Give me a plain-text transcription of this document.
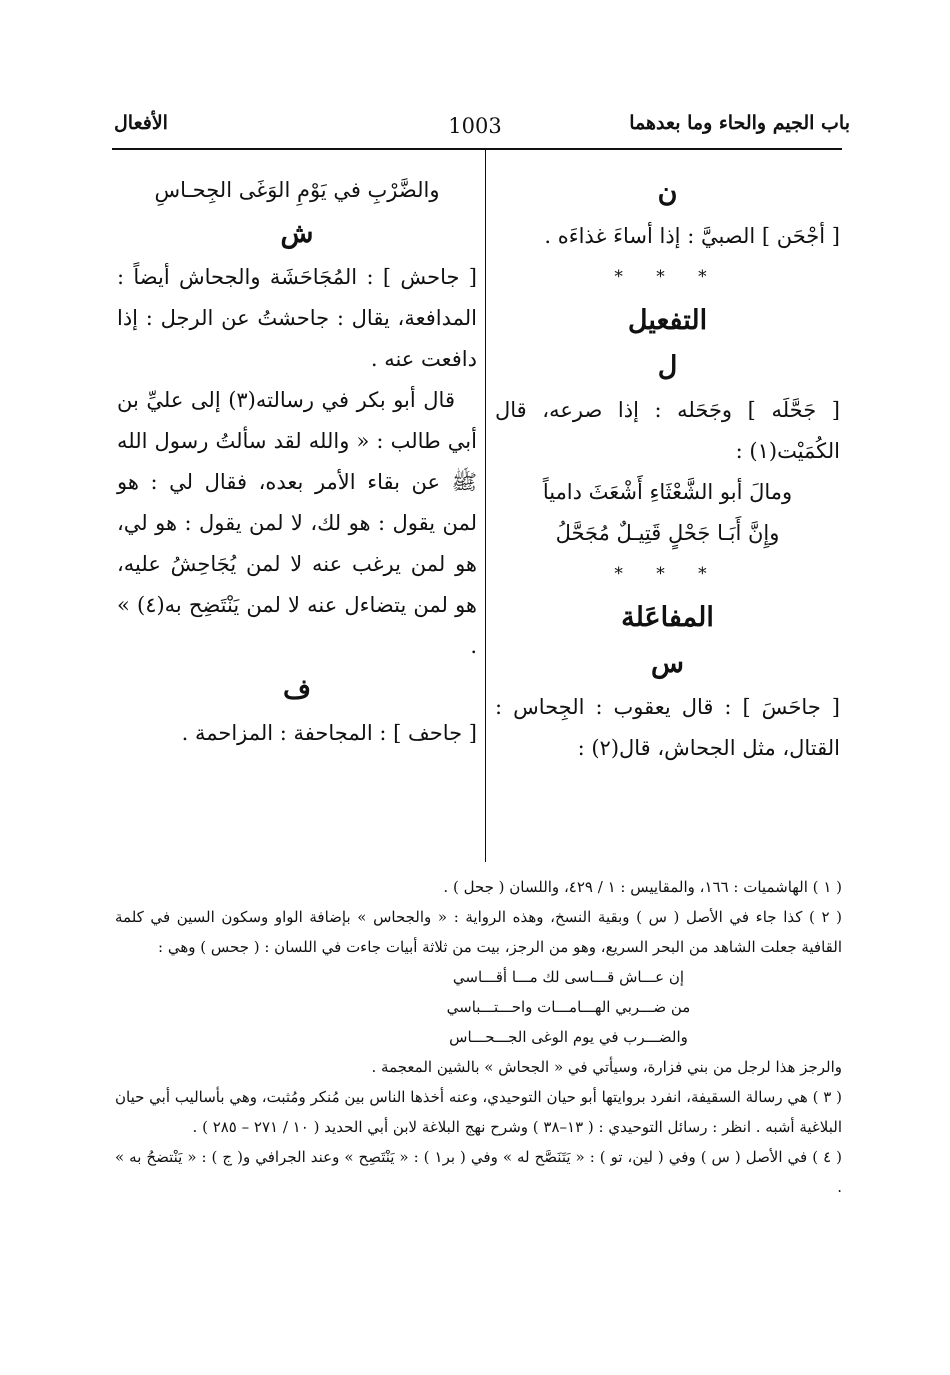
باب الجيم والحاء وما بعدهما
1003
الأفعال

ن

[ أجْحَن ] الصبيَّ : إذا أساءَ غذاءَه .

* * *

التفعيل

ل

[ جَحَّلَه ] وجَحَله : إذا صرعه، قال الكُمَيْت(١) :

ومالَ أبو الشَّعْثَاءِ أَشْعَثَ دامياً

وإِنَّ أَبَـا جَحْلٍ قَتِيـلٌ مُجَحَّلُ

* * *

المفاعَلة

س

[ جاحَسَ ] : قال يعقوب : الجِحاس : القتال، مثل الجحاش، قال(٢) :

والضَّرْبِ في يَوْمِ الوَغَى الجِحـاسِ

ش

[ جاحش ] : المُجَاحَشَة والجحاش أيضاً : المدافعة، يقال : جاحشتُ عن الرجل : إذا دافعت عنه .

قال أبو بكر في رسالته(٣) إلى عليِّ بن أبي طالب : « والله لقد سألتُ رسول الله ﷺ عن بقاء الأمر بعده، فقال لي : هو لمن يقول : هو لك، لا لمن يقول : هو لي، هو لمن يرغب عنه لا لمن يُجَاحِشُ عليه، هو لمن يتضاءل عنه لا لمن يَنْتَضِح به(٤) » .

ف

[ جاحف ] : المجاحفة : المزاحمة .

( ١ ) الهاشميات : ١٦٦، والمقاييس : ١ / ٤٢٩، واللسان ( جحل ) .

( ٢ ) كذا جاء في الأصل ( س ) وبقية النسخ، وهذه الرواية : « والجحاس » بإضافة الواو وسكون السين في كلمة القافية جعلت الشاهد من البحر السريع، وهو من الرجز، بيت من ثلاثة أبيات جاءت في اللسان : ( جحس ) وهي :

إن عـــاش قـــاسى لك مـــا أقـــاسي

من ضـــربي الهـــامـــات واحـــتـــباسي

والضـــرب في يوم الوغى الجـــحـــاس

والرجز هذا لرجل من بني فزارة، وسيأتي في « الجحاش » بالشين المعجمة .

( ٣ ) هي رسالة السقيفة، انفرد بروايتها أبو حيان التوحيدي، وعنه أخذها الناس بين مُنكر ومُثبت، وهي بأساليب أبي حيان البلاغية أشبه . انظر : رسائل التوحيدي : ( ١٣–٣٨ ) وشرح نهج البلاغة لابن أبي الحديد ( ١٠ / ٢٧١ – ٢٨٥ ) .

( ٤ ) في الأصل ( س ) وفي ( لين، تو ) : « يَتَنَصَّح له » وفي ( بر١ ) : « يَنْتَصِح » وعند الجرافي و( ج ) : « يَنْتضحُ به » .
